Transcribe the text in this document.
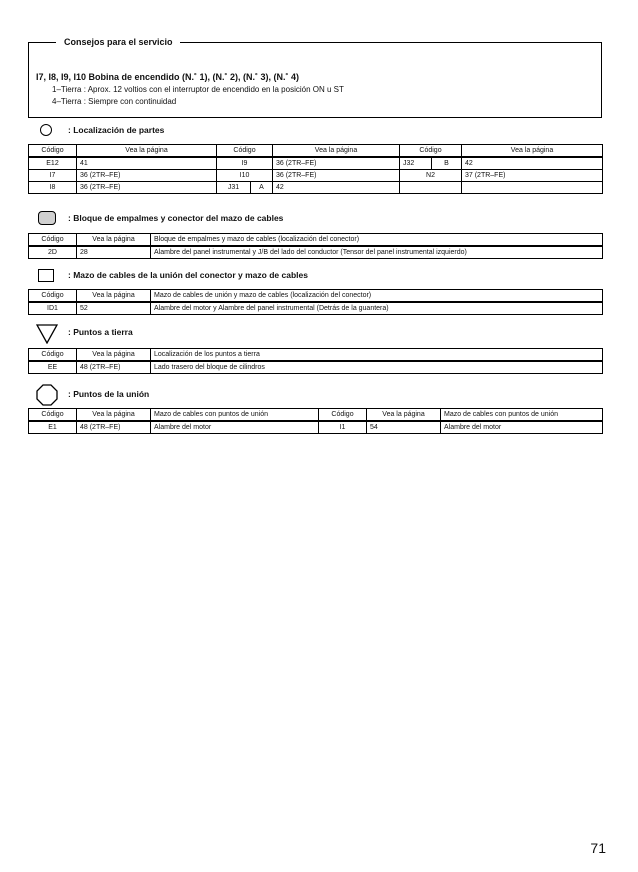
Consejos para el servicio
I7, I8, I9, I10 Bobina de encendido (N.˚ 1), (N.˚ 2), (N.˚ 3), (N.˚ 4)
1–Tierra : Aprox. 12 voltios con el interruptor de encendido en la posición ON u ST
4–Tierra : Siempre con continuidad
: Localización de partes
Código	Vea la página	Código		Vea la página	Código		Vea la página
E12	41	I9		36 (2TR–FE)	J32	B	42
I7	36 (2TR–FE)	I10		36 (2TR–FE)	N2		37 (2TR–FE)
I8	36 (2TR–FE)	J31	A	42			
: Bloque de empalmes y conector del mazo de cables
Código	Vea la página	Bloque de empalmes y mazo de cables (localización del conector)
2D	28	Alambre del panel instrumental y J/B del lado del conductor (Tensor del panel instrumental izquierdo)
: Mazo de cables de la unión del conector y mazo de cables
Código	Vea la página	Mazo de cables de unión y mazo de cables (localización del conector)
ID1	52	Alambre del motor y Alambre del panel instrumental (Detrás de la guantera)
: Puntos a tierra
Código	Vea la página	Localización de los puntos a tierra
EE	48 (2TR–FE)	Lado trasero del bloque de cilindros
: Puntos de la unión
Código	Vea la página	Mazo de cables con puntos de unión	Código	Vea la página	Mazo de cables con puntos de unión
E1	48 (2TR–FE)	Alambre del motor	I1	54	Alambre del motor
71
